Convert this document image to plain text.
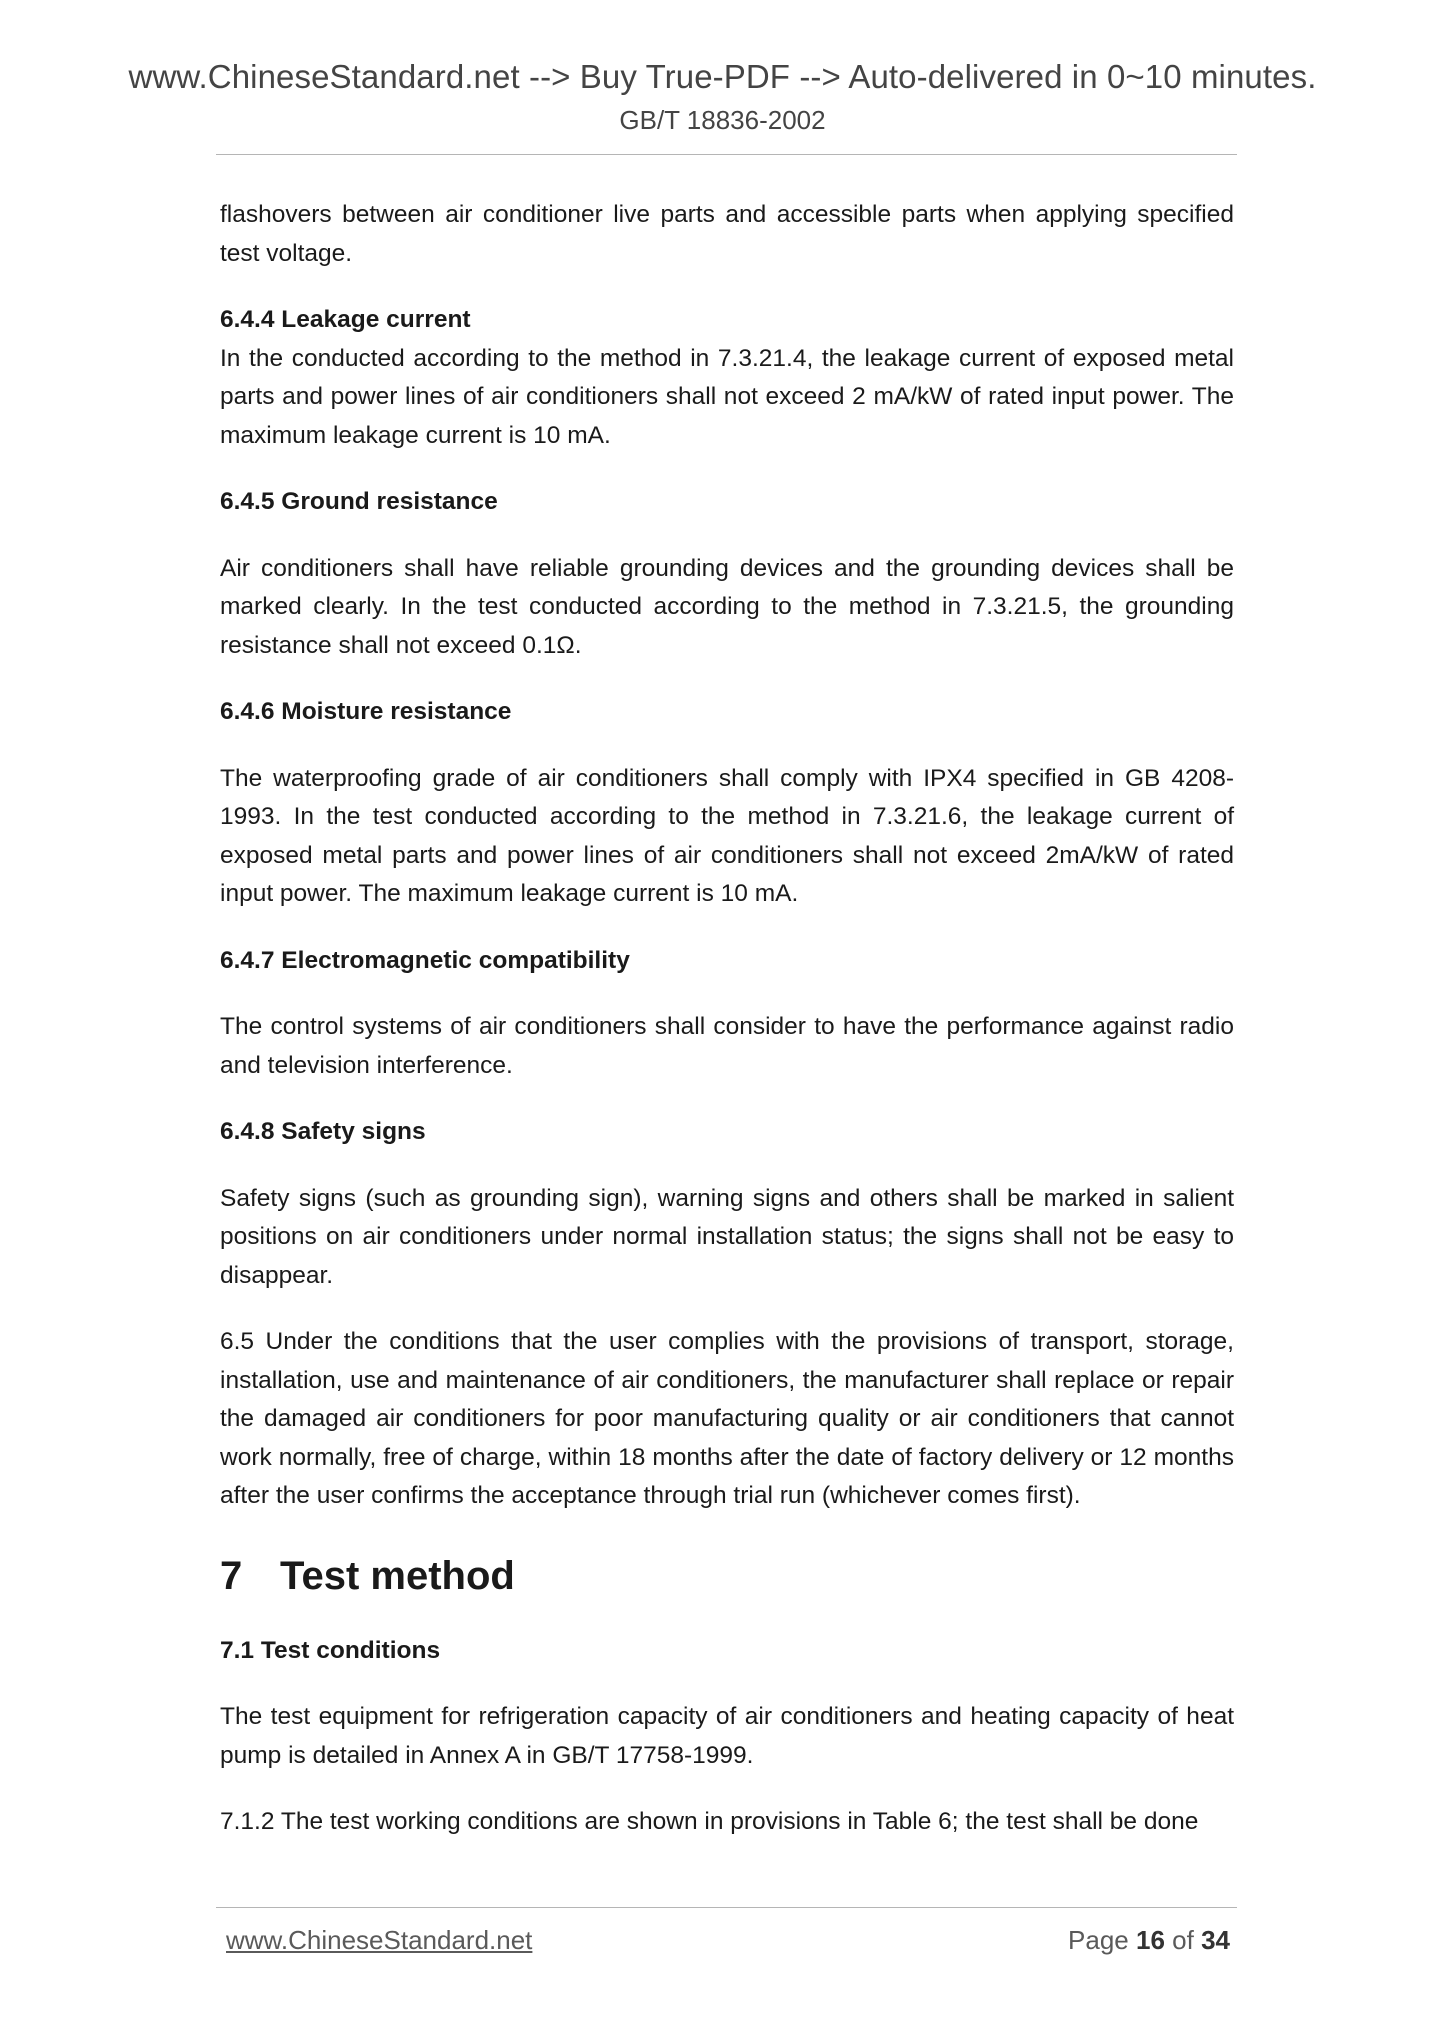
www.ChineseStandard.net --> Buy True-PDF --> Auto-delivered in 0~10 minutes.
GB/T 18836-2002

flashovers between air conditioner live parts and accessible parts when applying specified test voltage.

6.4.4 Leakage current

In the conducted according to the method in 7.3.21.4, the leakage current of exposed metal parts and power lines of air conditioners shall not exceed 2 mA/kW of rated input power. The maximum leakage current is 10 mA.

6.4.5 Ground resistance

Air conditioners shall have reliable grounding devices and the grounding devices shall be marked clearly. In the test conducted according to the method in 7.3.21.5, the grounding resistance shall not exceed 0.1Ω.

6.4.6 Moisture resistance

The waterproofing grade of air conditioners shall comply with IPX4 specified in GB 4208-1993. In the test conducted according to the method in 7.3.21.6, the leakage current of exposed metal parts and power lines of air conditioners shall not exceed 2mA/kW of rated input power. The maximum leakage current is 10 mA.

6.4.7 Electromagnetic compatibility

The control systems of air conditioners shall consider to have the performance against radio and television interference.

6.4.8 Safety signs

Safety signs (such as grounding sign), warning signs and others shall be marked in salient positions on air conditioners under normal installation status; the signs shall not be easy to disappear.

6.5 Under the conditions that the user complies with the provisions of transport, storage, installation, use and maintenance of air conditioners, the manufacturer shall replace or repair the damaged air conditioners for poor manufacturing quality or air conditioners that cannot work normally, free of charge, within 18 months after the date of factory delivery or 12 months after the user confirms the acceptance through trial run (whichever comes first).

7 Test method
7.1 Test conditions

The test equipment for refrigeration capacity of air conditioners and heating capacity of heat pump is detailed in Annex A in GB/T 17758-1999.

7.1.2 The test working conditions are shown in provisions in Table 6; the test shall be done

www.ChineseStandard.net	Page 16 of 34
